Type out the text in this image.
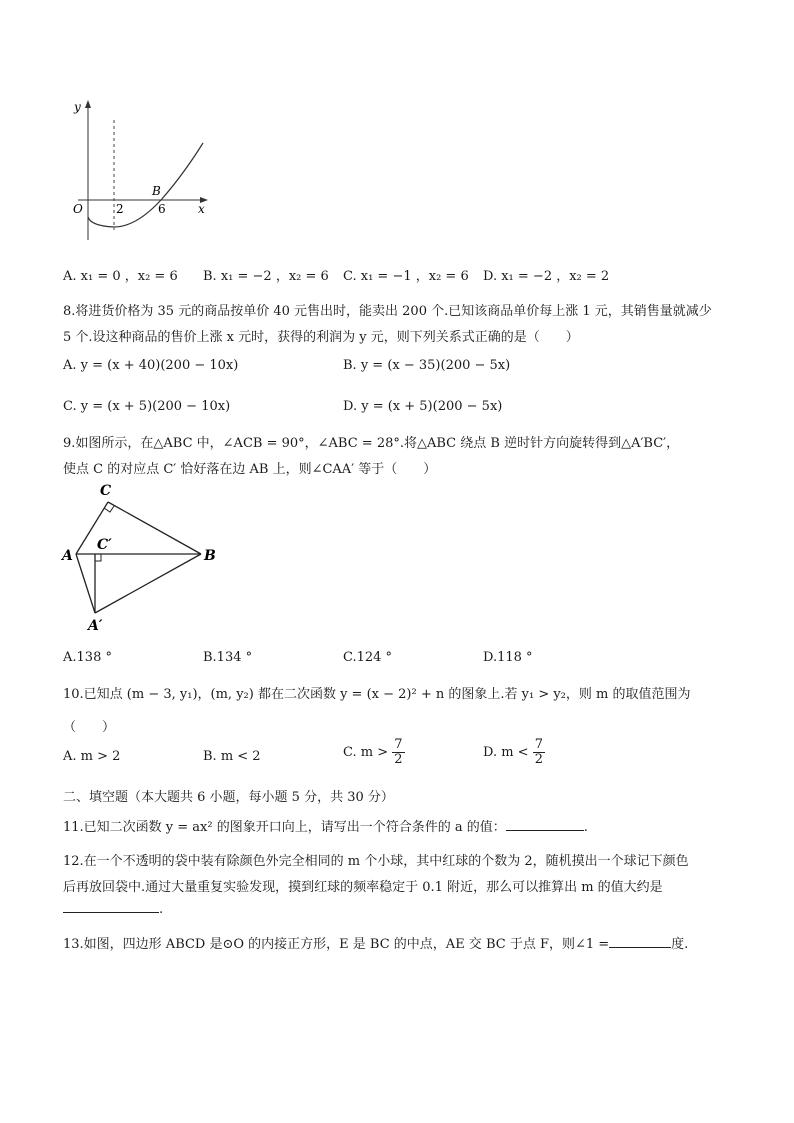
y
x
O
B
2	6
A. x₁ = 0 ，x₂ = 6 B. x₁ = −2 ，x₂ = 6 C. x₁ = −1 ，x₂ = 6 D. x₁ = −2 ，x₂ = 2
8.将进货价格为 35 元的商品按单价 40 元售出时，能卖出 200 个.已知该商品单价每上涨 1 元，其销售量就减少
5 个.设这种商品的售价上涨 x 元时，获得的利润为 y 元，则下列关系式正确的是（　　）
A. y = (x + 40)(200 − 10x)	B. y = (x − 35)(200 − 5x)
C. y = (x + 5)(200 − 10x)	D. y = (x + 5)(200 − 5x)
9.如图所示，在△ABC 中，∠ACB = 90°，∠ABC = 28°.将△ABC 绕点 B 逆时针方向旋转得到△A′BC′，
使点 C 的对应点 C′ 恰好落在边 AB 上，则∠CAA′ 等于（　　）
C
A
C′
B
A′
A.138 °	B.134 °	C.124 °	D.118 °
10.已知点 (m − 3, y₁)，(m, y₂) 都在二次函数 y = (x − 2)² + n 的图象上.若 y₁ > y₂，则 m 的取值范围为
（　　）
A. m > 2	B. m < 2	C. $m > \frac{7}{2}$	D. $m < \frac{7}{2}$
二、填空题（本大题共 6 小题，每小题 5 分，共 30 分）
11.已知二次函数 y = ax² 的图象开口向上，请写出一个符合条件的 a 的值：	.
12.在一个不透明的袋中装有除颜色外完全相同的 m 个小球，其中红球的个数为 2，随机摸出一个球记下颜色
后再放回袋中.通过大量重复实验发现，摸到红球的频率稳定于 0.1 附近，那么可以推算出 m 的值大约是
.
13.如图，四边形 ABCD 是⊙O 的内接正方形，E 是 BC 的中点，AE 交 BC 于点 F，则∠1 =	度.
